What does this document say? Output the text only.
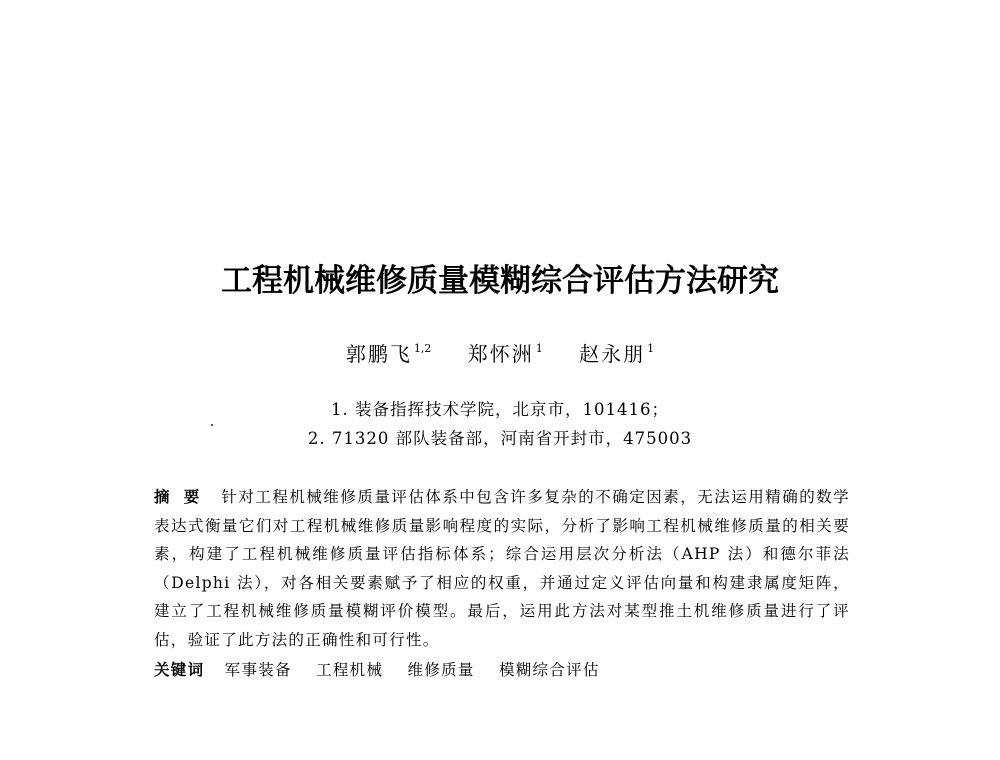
工程机械维修质量模糊综合评估方法研究
郭鹏飞 $^{1,2}$ 郑怀洲 $^1$ 赵永朋 $^1$
1. 装备指挥技术学院，北京市，101416；
2. 71320 部队装备部，河南省开封市，475003
摘要 针对工程机械维修质量评估体系中包含许多复杂的不确定因素，无法运用精确的数学表达式衡量它们对工程机械维修质量影响程度的实际，分析了影响工程机械维修质量的相关要素，构建了工程机械维修质量评估指标体系；综合运用层次分析法（AHP 法）和德尔菲法（Delphi 法），对各相关要素赋予了相应的权重，并通过定义评估向量和构建隶属度矩阵，建立了工程机械维修质量模糊评价模型。最后，运用此方法对某型推土机维修质量进行了评估，验证了此方法的正确性和可行性。
关键词 军事装备 工程机械 维修质量 模糊综合评估
